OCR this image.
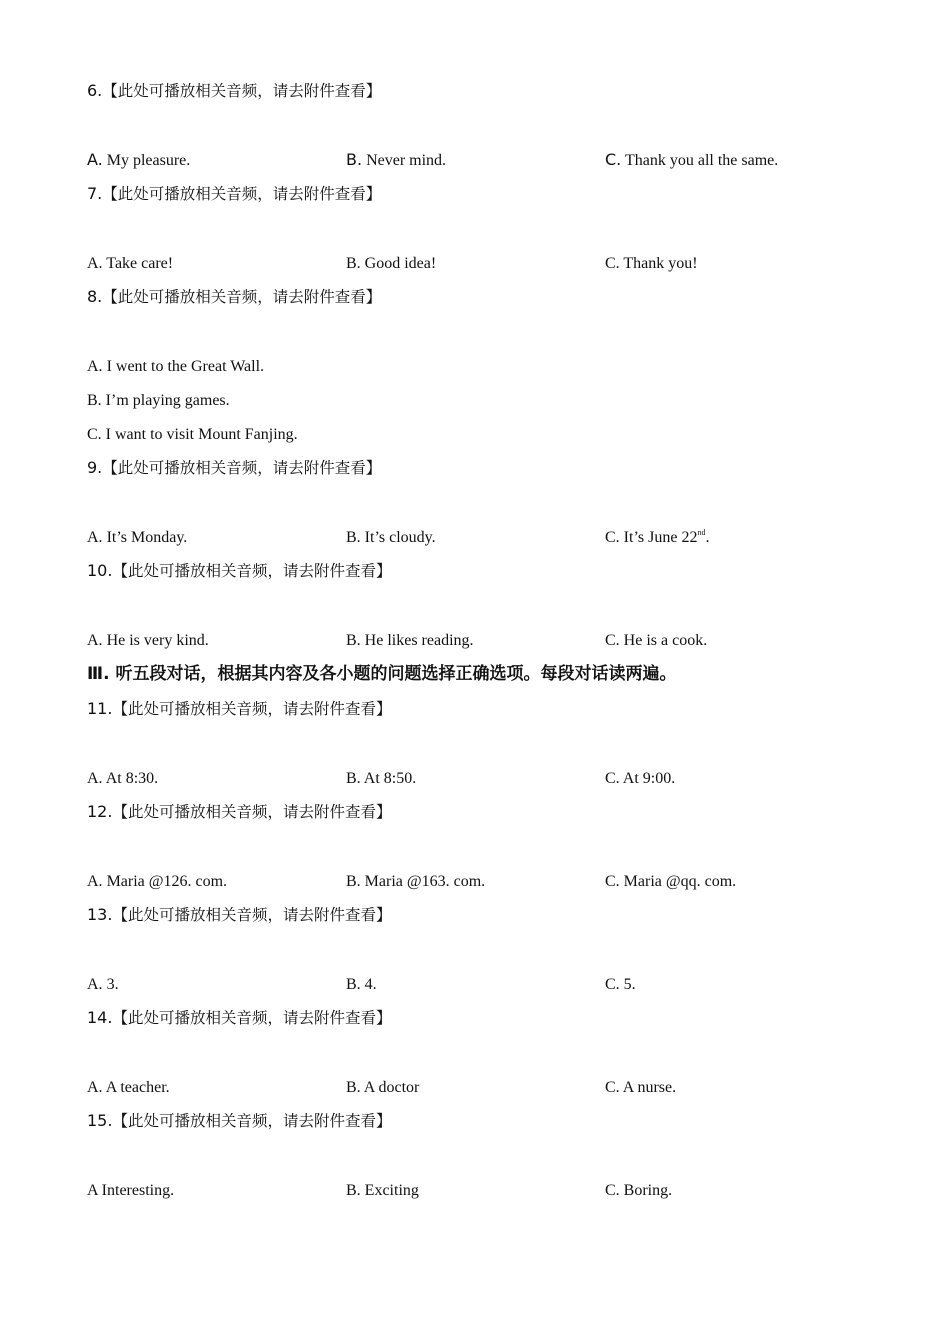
6.【此处可播放相关音频，请去附件查看】
A. My pleasure.	B. Never mind.	C. Thank you all the same.
7.【此处可播放相关音频，请去附件查看】
A. Take care!	B. Good idea!	C. Thank you!
8.【此处可播放相关音频，请去附件查看】
A. I went to the Great Wall.
B. I’m playing games.
C. I want to visit Mount Fanjing.
9.【此处可播放相关音频，请去附件查看】
A. It’s Monday.	B. It’s cloudy.	C. It’s June 22nd.
10.【此处可播放相关音频，请去附件查看】
A. He is very kind.	B. He likes reading.	C. He is a cook.
Ⅲ. 听五段对话，根据其内容及各小题的问题选择正确选项。每段对话读两遍。
11.【此处可播放相关音频，请去附件查看】
A. At 8:30.	B. At 8:50.	C. At 9:00.
12.【此处可播放相关音频，请去附件查看】
A. Maria @126. com.	B. Maria @163. com.	C. Maria @qq. com.
13.【此处可播放相关音频，请去附件查看】
A. 3.	B. 4.	C. 5.
14.【此处可播放相关音频，请去附件查看】
A. A teacher.	B. A doctor	C. A nurse.
15.【此处可播放相关音频，请去附件查看】
A Interesting.	B. Exciting	C. Boring.
